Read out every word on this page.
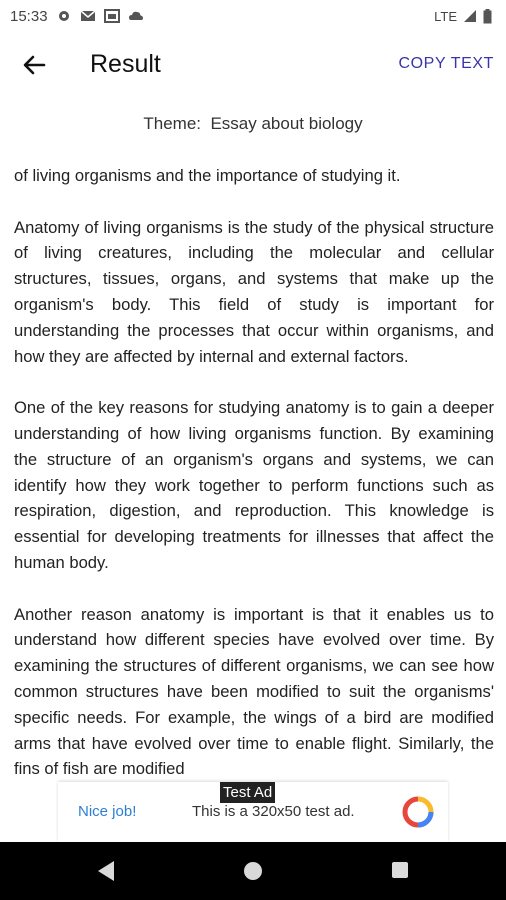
15:33	LTE
Result	COPY TEXT
Theme:  Essay about biology

of living organisms and the importance of studying it.

Anatomy of living organisms is the study of the physical structure of living creatures, including the molecular and cellular structures, tissues, organs, and systems that make up the organism's body. This field of study is important for understanding the processes that occur within organisms, and how they are affected by internal and external factors.

One of the key reasons for studying anatomy is to gain a deeper understanding of how living organisms function. By examining the structure of an organism's organs and systems, we can identify how they work together to perform functions such as respiration, digestion, and reproduction. This knowledge is essential for developing treatments for illnesses that affect the human body.

Another reason anatomy is important is that it enables us to understand how different species have evolved over time. By examining the structures of different organisms, we can see how common structures have been modified to suit the organisms' specific needs. For example, the wings of a bird are modified arms that have evolved over time to enable flight. Similarly, the fins of fish are modified

Test Ad
Nice job!	This is a 320x50 test ad.
